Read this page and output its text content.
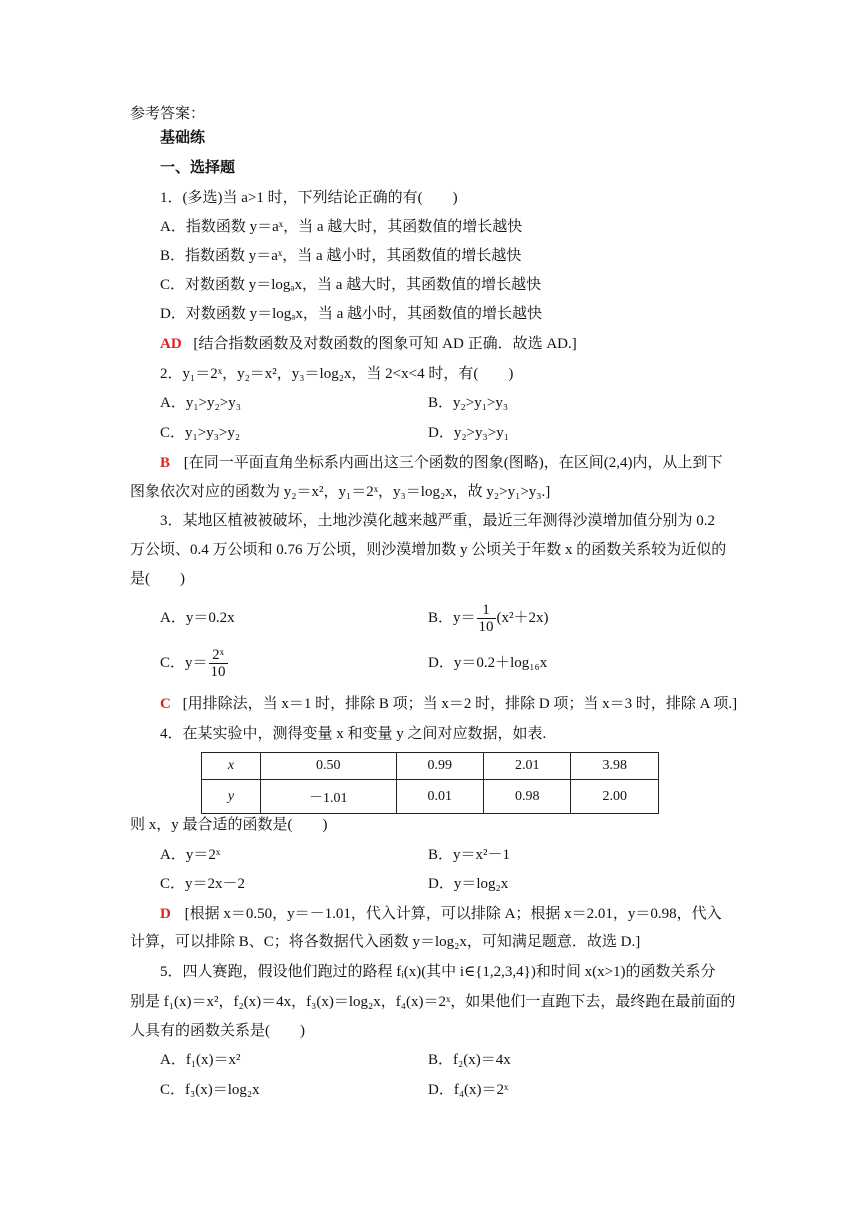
参考答案：
基础练
一、选择题
1．(多选)当 a>1 时，下列结论正确的有(　　)
A．指数函数 y＝aˣ，当 a 越大时，其函数值的增长越快
B．指数函数 y＝aˣ，当 a 越小时，其函数值的增长越快
C．对数函数 y＝logₐx，当 a 越大时，其函数值的增长越快
D．对数函数 y＝logₐx，当 a 越小时，其函数值的增长越快
AD [结合指数函数及对数函数的图象可知 AD 正确．故选 AD.]
2．y₁＝2ˣ，y₂＝x²，y₃＝log₂x，当 2<x<4 时，有(　　)
A．y₁>y₂>y₃	B．y₂>y₁>y₃
C．y₁>y₃>y₂	D．y₂>y₃>y₁
B [在同一平面直角坐标系内画出这三个函数的图象(图略)，在区间(2,4)内，从上到下
图象依次对应的函数为 y₂＝x²，y₁＝2ˣ，y₃＝log₂x，故 y₂>y₁>y₃.]
3．某地区植被被破坏，土地沙漠化越来越严重，最近三年测得沙漠增加值分别为 0.2
万公顷、0.4 万公顷和 0.76 万公顷，则沙漠增加数 y 公顷关于年数 x 的函数关系较为近似的
是(　　)
A．y＝0.2x	B．$y= \frac{1}{10} (x^2+2x)$
C．$y= \frac{\text{2ˣ}}{10}$	D．y＝0.2＋log₁₆x
C [用排除法，当 x＝1 时，排除 B 项；当 x＝2 时，排除 D 项；当 x＝3 时，排除 A 项.]
4．在某实验中，测得变量 x 和变量 y 之间对应数据，如表.
x	0.50	0.99	2.01	3.98
y	－1.01	0.01	0.98	2.00
则 x，y 最合适的函数是(　　)
A．y＝2ˣ	B．y＝x²－1
C．y＝2x－2	D．y＝log₂x
D [根据 x＝0.50，y＝－1.01，代入计算，可以排除 A；根据 x＝2.01，y＝0.98，代入
计算，可以排除 B、C；将各数据代入函数 y＝log₂x，可知满足题意．故选 D.]
5．四人赛跑，假设他们跑过的路程 fᵢ(x)(其中 i∈{1,2,3,4})和时间 x(x>1)的函数关系分
别是 f₁(x)＝x²，f₂(x)＝4x，f₃(x)＝log₂x，f₄(x)＝2ˣ，如果他们一直跑下去，最终跑在最前面的
人具有的函数关系是(　　)
A．f₁(x)＝x²	B．f₂(x)＝4x
C．f₃(x)＝log₂x	D．f₄(x)＝2ˣ
